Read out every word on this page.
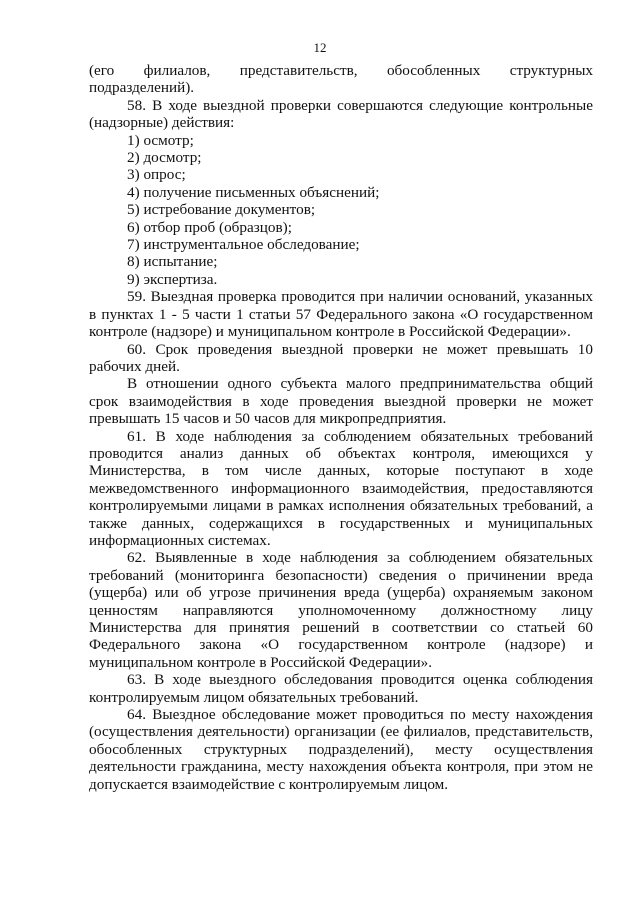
12

(его филиалов, представительств, обособленных структурных подразделений).

58. В ходе выездной проверки совершаются следующие контрольные (надзорные) действия:

1) осмотр;

2) досмотр;

3) опрос;

4) получение письменных объяснений;

5) истребование документов;

6) отбор проб (образцов);

7) инструментальное обследование;

8) испытание;

9) экспертиза.

59. Выездная проверка проводится при наличии оснований, указанных в пунктах 1 - 5 части 1 статьи 57 Федерального закона «О государственном контроле (надзоре) и муниципальном контроле в Российской Федерации».

60. Срок проведения выездной проверки не может превышать 10 рабочих дней.

В отношении одного субъекта малого предпринимательства общий срок взаимодействия в ходе проведения выездной проверки не может превышать 15 часов и 50 часов для микропредприятия.

61. В ходе наблюдения за соблюдением обязательных требований проводится анализ данных об объектах контроля, имеющихся у Министерства, в том числе данных, которые поступают в ходе межведомственного информационного взаимодействия, предоставляются контролируемыми лицами в рамках исполнения обязательных требований, а также данных, содержащихся в государственных и муниципальных информационных системах.

62. Выявленные в ходе наблюдения за соблюдением обязательных требований (мониторинга безопасности) сведения о причинении вреда (ущерба) или об угрозе причинения вреда (ущерба) охраняемым законом ценностям направляются уполномоченному должностному лицу Министерства для принятия решений в соответствии со статьей 60 Федерального закона «О государственном контроле (надзоре) и муниципальном контроле в Российской Федерации».

63. В ходе выездного обследования проводится оценка соблюдения контролируемым лицом обязательных требований.

64. Выездное обследование может проводиться по месту нахождения (осуществления деятельности) организации (ее филиалов, представительств, обособленных структурных подразделений), месту осуществления деятельности гражданина, месту нахождения объекта контроля, при этом не допускается взаимодействие с контролируемым лицом.
